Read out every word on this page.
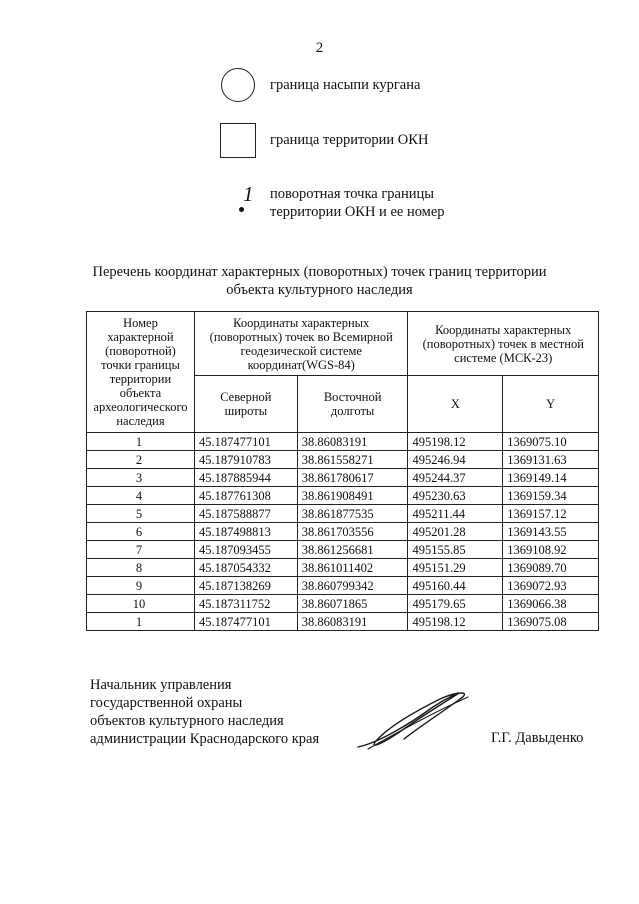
2
граница насыпи кургана
граница территории ОКН
1 поворотная точка границы
территории ОКН и ее номер
Перечень координат характерных (поворотных) точек границ территории
объекта культурного наследия
Номер характерной (поворотной) точки границы территории объекта археологического наследия	Координаты характерных (поворотных) точек во Всемирной геодезической системе координат(WGS-84)		Координаты характерных (поворотных) точек в местной системе (МСК-23)	
	Северной широты	Восточной долготы	X	Y
1	45.187477101	38.86083191	495198.12	1369075.10
2	45.187910783	38.861558271	495246.94	1369131.63
3	45.187885944	38.861780617	495244.37	1369149.14
4	45.187761308	38.861908491	495230.63	1369159.34
5	45.187588877	38.861877535	495211.44	1369157.12
6	45.187498813	38.861703556	495201.28	1369143.55
7	45.187093455	38.861256681	495155.85	1369108.92
8	45.187054332	38.861011402	495151.29	1369089.70
9	45.187138269	38.860799342	495160.44	1369072.93
10	45.187311752	38.86071865	495179.65	1369066.38
1	45.187477101	38.86083191	495198.12	1369075.08
Начальник управления
государственной охраны
объектов культурного наследия
администрации Краснодарского края	Г.Г. Давыденко
